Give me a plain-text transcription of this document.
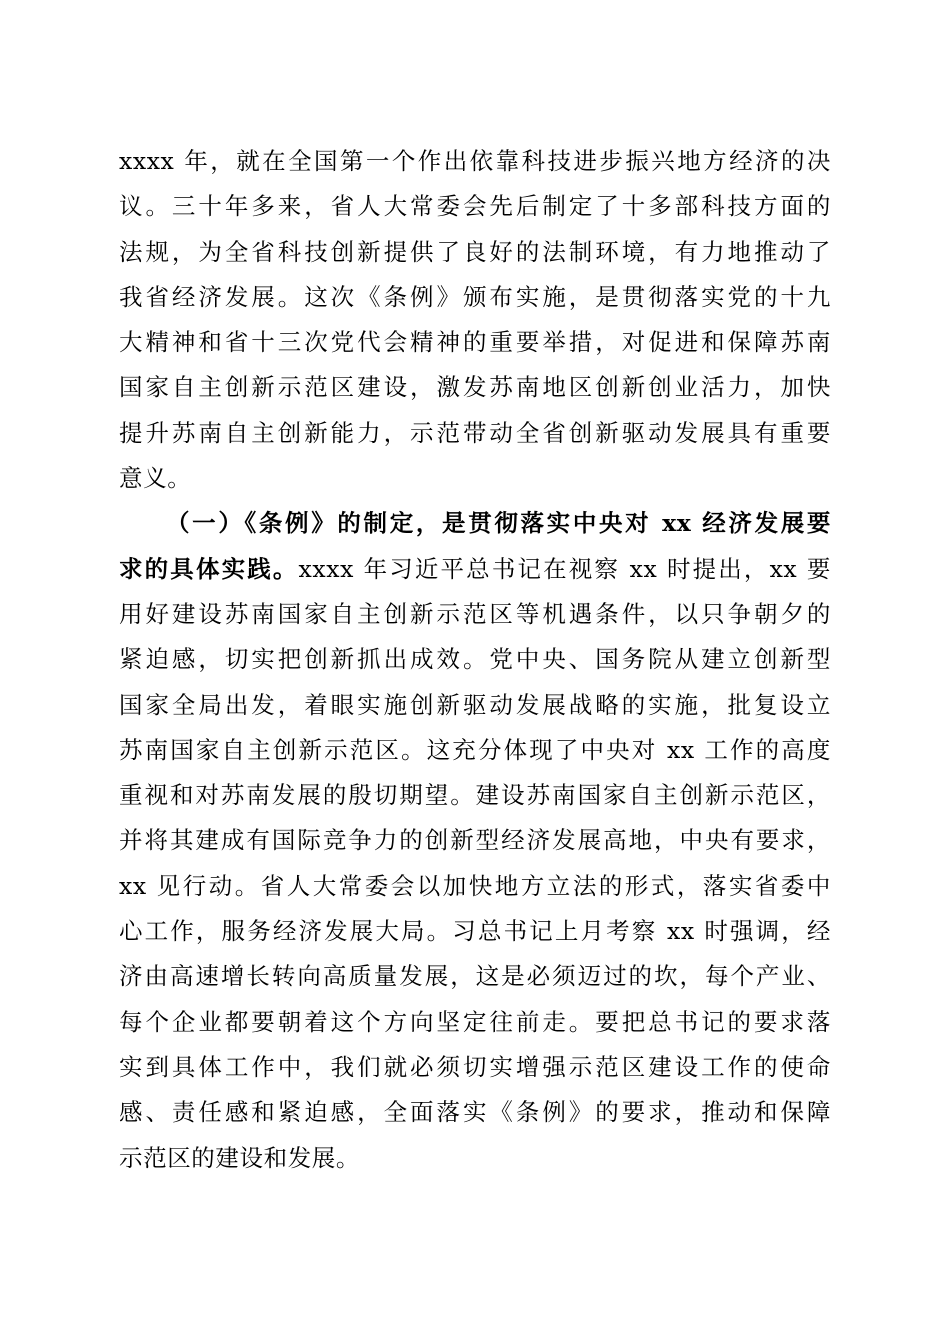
xxxx 年，就在全国第一个作出依靠科技进步振兴地方经济的决
议。三十年多来，省人大常委会先后制定了十多部科技方面的
法规，为全省科技创新提供了良好的法制环境，有力地推动了
我省经济发展。这次《条例》颁布实施，是贯彻落实党的十九
大精神和省十三次党代会精神的重要举措，对促进和保障苏南
国家自主创新示范区建设，激发苏南地区创新创业活力，加快
提升苏南自主创新能力，示范带动全省创新驱动发展具有重要
意义。
（一）《条例》的制定，是贯彻落实中央对 xx 经济发展要
求的具体实践。xxxx 年习近平总书记在视察 xx 时提出，xx 要
用好建设苏南国家自主创新示范区等机遇条件，以只争朝夕的
紧迫感，切实把创新抓出成效。党中央、国务院从建立创新型
国家全局出发，着眼实施创新驱动发展战略的实施，批复设立
苏南国家自主创新示范区。这充分体现了中央对 xx 工作的高度
重视和对苏南发展的殷切期望。建设苏南国家自主创新示范区，
并将其建成有国际竞争力的创新型经济发展高地，中央有要求，
xx 见行动。省人大常委会以加快地方立法的形式，落实省委中
心工作，服务经济发展大局。习总书记上月考察 xx 时强调，经
济由高速增长转向高质量发展，这是必须迈过的坎，每个产业、
每个企业都要朝着这个方向坚定往前走。要把总书记的要求落
实到具体工作中，我们就必须切实增强示范区建设工作的使命
感、责任感和紧迫感，全面落实《条例》的要求，推动和保障
示范区的建设和发展。
